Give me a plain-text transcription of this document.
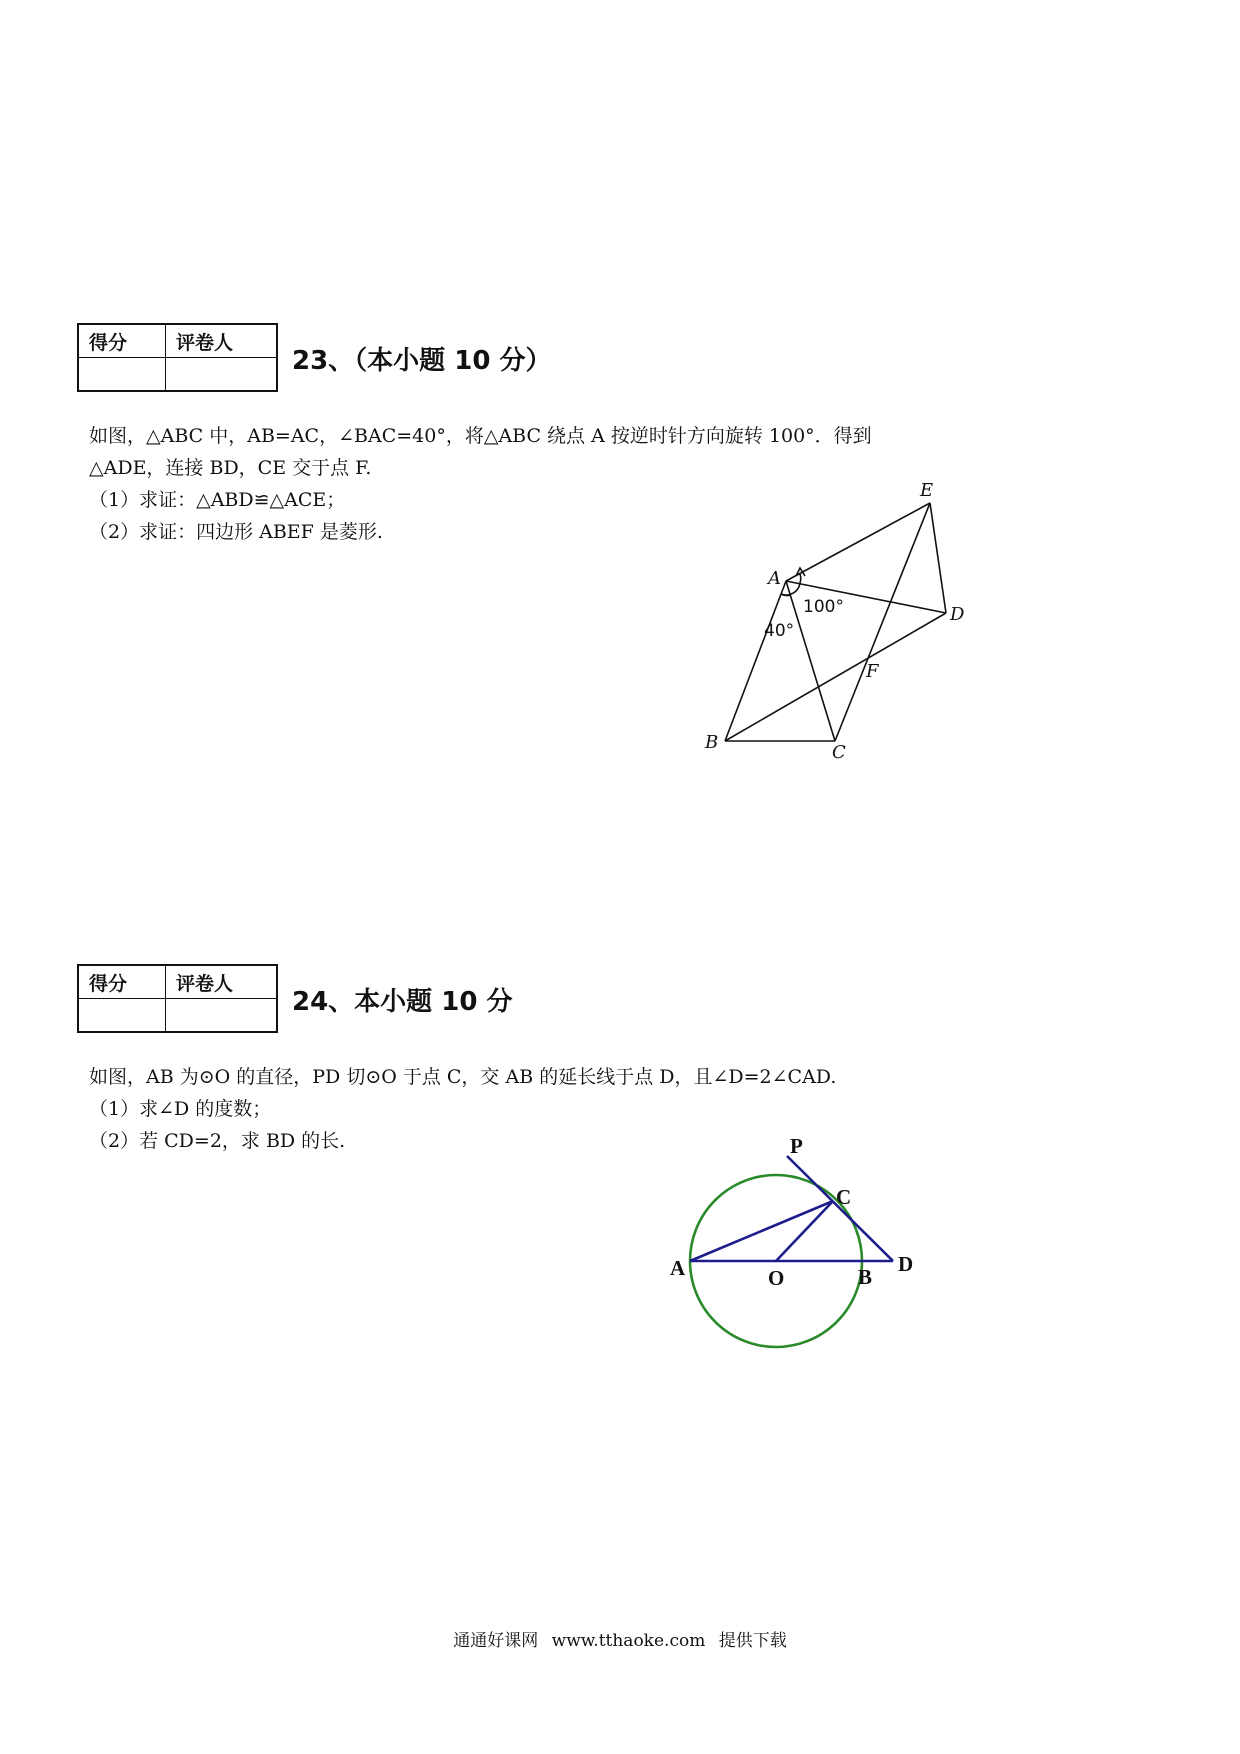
得分	评卷人

23、（本小题 10 分）
如图，△ABC 中，AB=AC，∠BAC=40°，将△ABC 绕点 A 按逆时针方向旋转 100°．得到
△ADE，连接 BD，CE 交于点 F.
（1）求证：△ABD≌△ACE；
（2）求证：四边形 ABEF 是菱形.
A
B	C
D
E
F
100°
40°
得分	评卷人

24、本小题 10 分
如图，AB 为⊙O 的直径，PD 切⊙O 于点 C，交 AB 的延长线于点 D，且∠D=2∠CAD.
（1）求∠D 的度数；
（2）若 CD=2，求 BD 的长.	P
C
A	O	B
D
通通好课网 www.tthaoke.com 提供下载
